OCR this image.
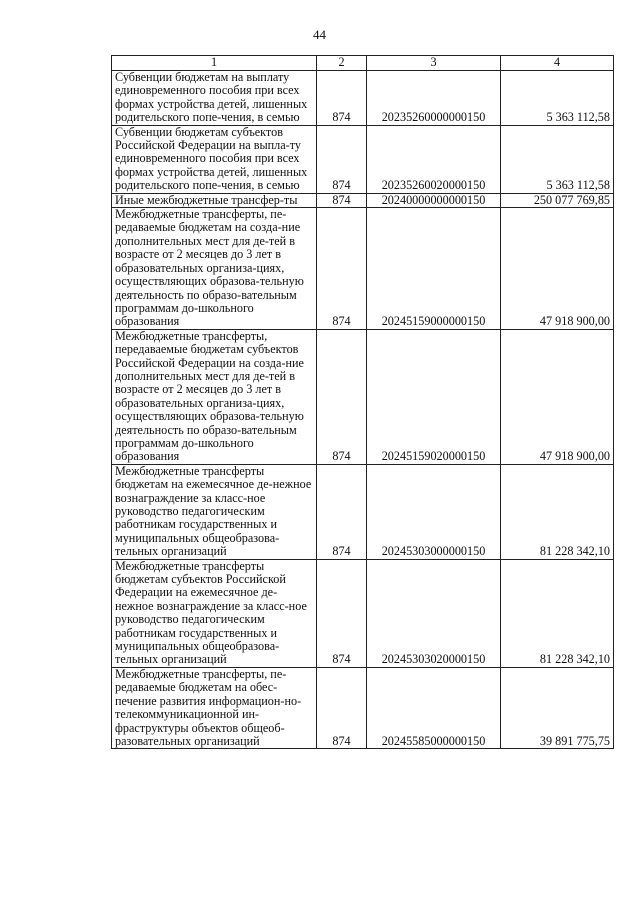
44
1	2	3	4
Субвенции бюджетам на выплату единовременного пособия при всех формах устройства детей, лишенных родительского попе-чения, в семью	874	20235260000000150	5 363 112,58
Субвенции бюджетам субъектов Российской Федерации на выпла-ту единовременного пособия при всех формах устройства детей, лишенных родительского попе-чения, в семью	874	20235260020000150	5 363 112,58
Иные межбюджетные трансфер-ты	874	20240000000000150	250 077 769,85
Межбюджетные трансферты, пе-редаваемые бюджетам на созда-ние дополнительных мест для де-тей в возрасте от 2 месяцев до 3 лет в образовательных организа-циях, осуществляющих образова-тельную деятельность по образо-вательным программам до-школьного образования	874	20245159000000150	47 918 900,00
Межбюджетные трансферты, передаваемые бюджетам субъектов Российской Федерации на созда-ние дополнительных мест для де-тей в возрасте от 2 месяцев до 3 лет в образовательных организа-циях, осуществляющих образова-тельную деятельность по образо-вательным программам до-школьного образования	874	20245159020000150	47 918 900,00
Межбюджетные трансферты бюджетам на ежемесячное де-нежное вознаграждение за класс-ное руководство педагогическим работникам государственных и муниципальных общеобразова-тельных организаций	874	20245303000000150	81 228 342,10
Межбюджетные трансферты бюджетам субъектов Российской Федерации на ежемесячное де-нежное вознаграждение за класс-ное руководство педагогическим работникам государственных и муниципальных общеобразова-тельных организаций	874	20245303020000150	81 228 342,10
Межбюджетные трансферты, пе-редаваемые бюджетам на обес-печение развития информацион-но-телекоммуникационной ин-фраструктуры объектов общеоб-разовательных организаций	874	20245585000000150	39 891 775,75
